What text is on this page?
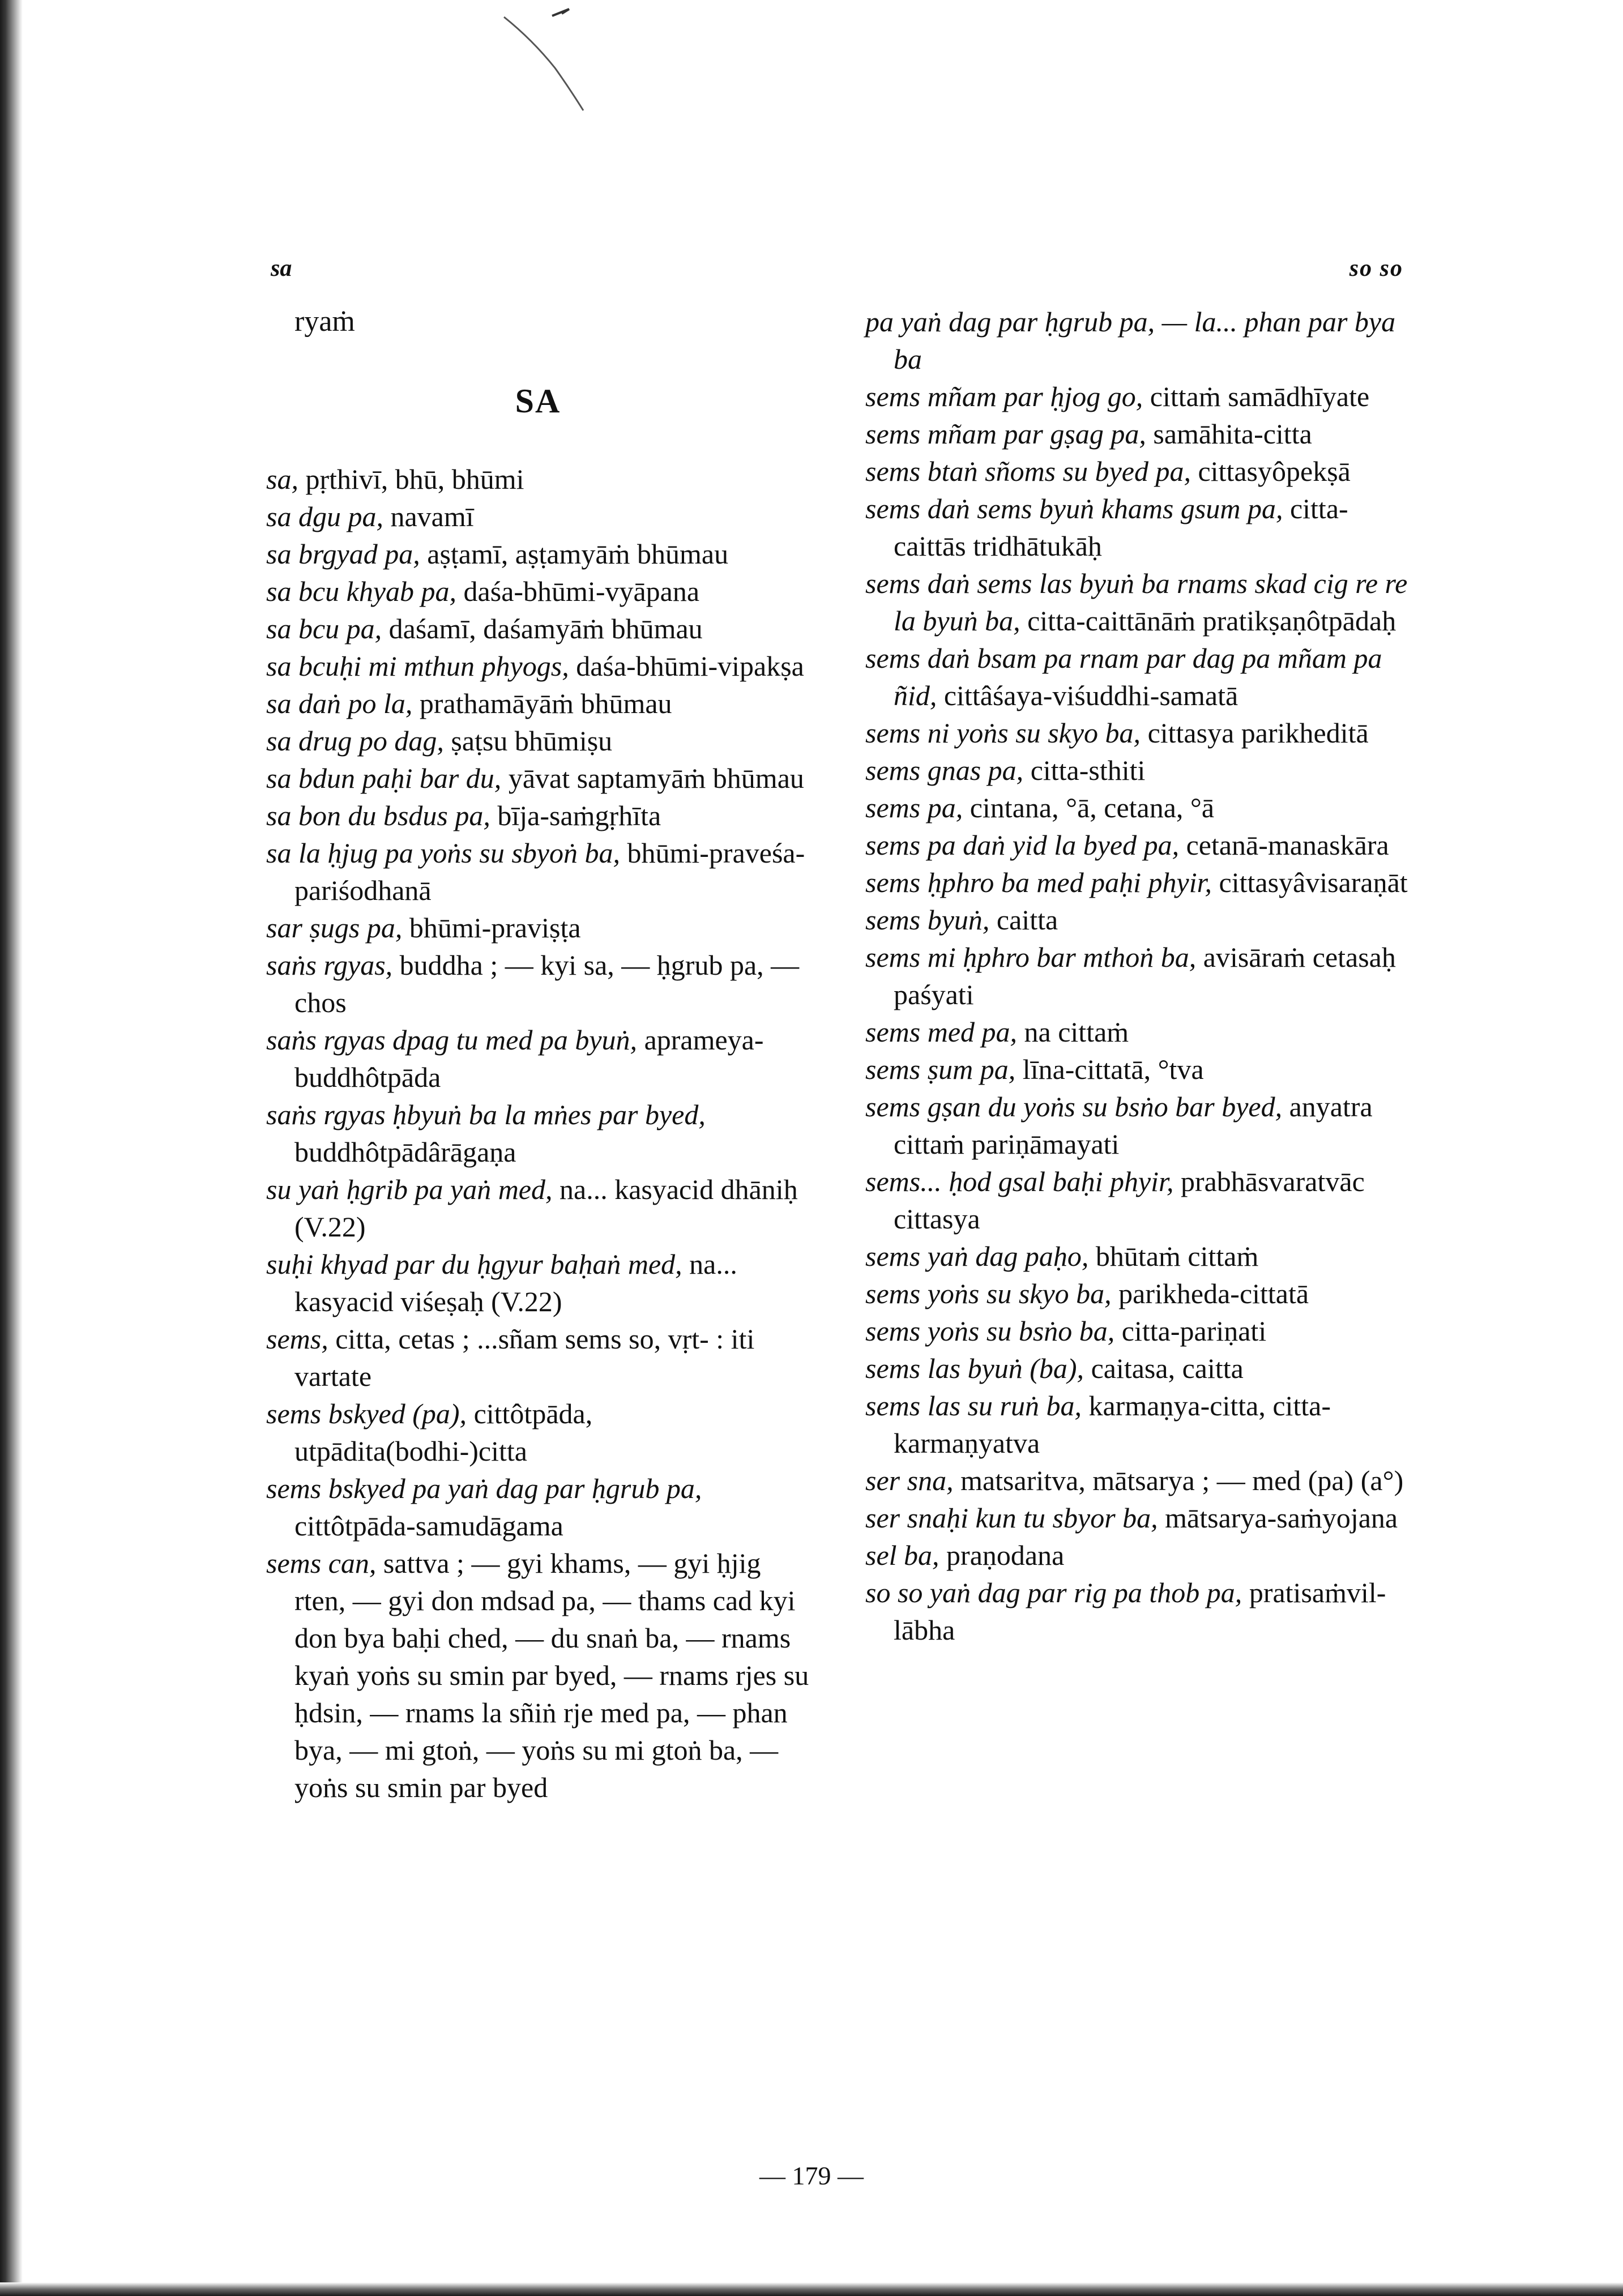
sa	so so
ryaṁ
SA
sa, pṛthivī, bhū, bhūmi
sa dgu pa, navamī
sa brgyad pa, aṣṭamī, aṣṭamyāṁ bhūmau
sa bcu khyab pa, daśa-bhūmi-vyāpana
sa bcu pa, daśamī, daśamyāṁ bhūmau
sa bcuḥi mi mthun phyogs, daśa-bhūmi-vipakṣa
sa daṅ po la, prathamāyāṁ bhūmau
sa drug po dag, ṣaṭsu bhūmiṣu
sa bdun paḥi bar du, yāvat saptamyāṁ bhūmau
sa bon du bsdus pa, bīja-saṁgṛhīta
sa la ḥjug pa yoṅs su sbyoṅ ba, bhūmi-praveśa-pariśodhanā
sar ṣugs pa, bhūmi-praviṣṭa
saṅs rgyas, buddha ; — kyi sa, — ḥgrub pa, — chos
saṅs rgyas dpag tu med pa byuṅ, aprameya-buddhôtpāda
saṅs rgyas ḥbyuṅ ba la mṅes par byed, buddhôtpādârāgaṇa
su yaṅ ḥgrib pa yaṅ med, na... kasyacid dhāniḥ (V.22)
suḥi khyad par du ḥgyur baḥaṅ med, na... kasyacid viśeṣaḥ (V.22)
sems, citta, cetas ; ...sñam sems so, vṛt- : iti vartate
sems bskyed (pa), cittôtpāda, utpādita(bodhi-)citta
sems bskyed pa yaṅ dag par ḥgrub pa, cittôtpāda-samudāgama
sems can, sattva ; — gyi khams, — gyi ḥjig rten, — gyi don mdsad pa, — thams cad kyi don bya baḥi ched, — du snaṅ ba, — rnams kyaṅ yoṅs su smin par byed, — rnams rjes su ḥdsin, — rnams la sñiṅ rje med pa, — phan bya, — mi gtoṅ, — yoṅs su mi gtoṅ ba, — yoṅs su smin par byed
pa yaṅ dag par ḥgrub pa, — la... phan par bya ba
sems mñam par ḥjog go, cittaṁ samādhīyate
sems mñam par gṣag pa, samāhita-citta
sems btaṅ sñoms su byed pa, cittasyôpekṣā
sems daṅ sems byuṅ khams gsum pa, citta-caittās tridhātukāḥ
sems daṅ sems las byuṅ ba rnams skad cig re re la byuṅ ba, citta-caittānāṁ pratikṣaṇôtpādaḥ
sems daṅ bsam pa rnam par dag pa mñam pa ñid, cittâśaya-viśuddhi-samatā
sems ni yoṅs su skyo ba, cittasya parikheditā
sems gnas pa, citta-sthiti
sems pa, cintana, °ā, cetana, °ā
sems pa daṅ yid la byed pa, cetanā-manaskāra
sems ḥphro ba med paḥi phyir, cittasyâvisaraṇāt
sems byuṅ, caitta
sems mi ḥphro bar mthoṅ ba, avisāraṁ cetasaḥ paśyati
sems med pa, na cittaṁ
sems ṣum pa, līna-cittatā, °tva
sems gṣan du yoṅs su bsṅo bar byed, anyatra cittaṁ pariṇāmayati
sems... ḥod gsal baḥi phyir, prabhāsvaratvāc cittasya
sems yaṅ dag paḥo, bhūtaṁ cittaṁ
sems yoṅs su skyo ba, parikheda-cittatā
sems yoṅs su bsṅo ba, citta-pariṇati
sems las byuṅ (ba), caitasa, caitta
sems las su ruṅ ba, karmaṇya-citta, citta-karmaṇyatva
ser sna, matsaritva, mātsarya ; — med (pa) (a°)
ser snaḥi kun tu sbyor ba, mātsarya-saṁyojana
sel ba, praṇodana
so so yaṅ dag par rig pa thob pa, pratisaṁvil-lābha
— 179 —
